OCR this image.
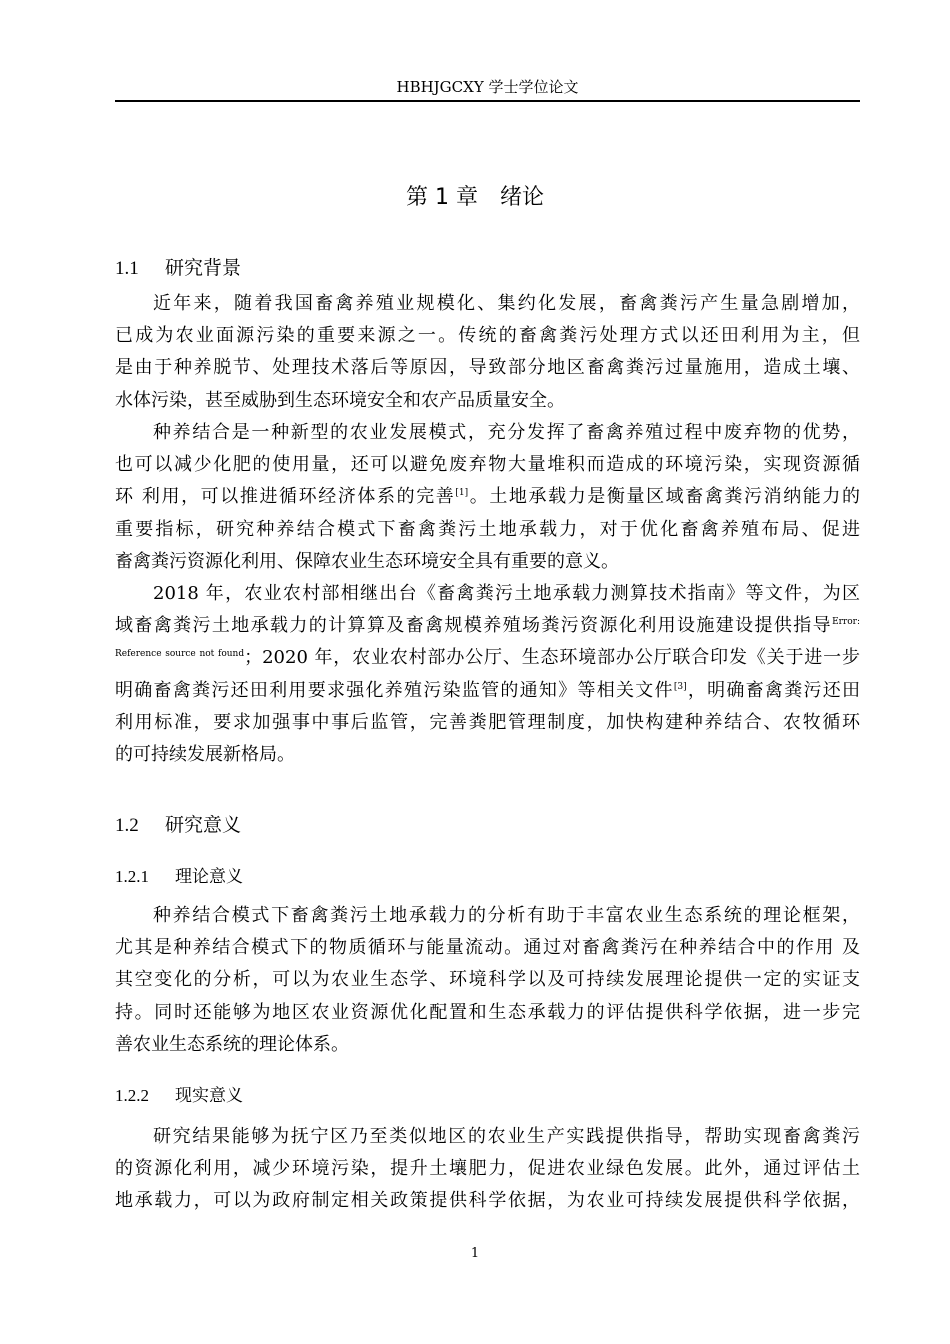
HBHJGCXY 学士学位论文
第 1 章　绪论
1.1 研究背景
近年来，随着我国畜禽养殖业规模化、集约化发展，畜禽粪污产生量急剧增加，
已成为农业面源污染的重要来源之一。传统的畜禽粪污处理方式以还田利用为主，但
是由于种养脱节、处理技术落后等原因，导致部分地区畜禽粪污过量施用，造成土壤、
水体污染，甚至威胁到生态环境安全和农产品质量安全。
种养结合是一种新型的农业发展模式，充分发挥了畜禽养殖过程中废弃物的优势，
也可以减少化肥的使用量，还可以避免废弃物大量堆积而造成的环境污染，实现资源循
环 利用，可以推进循环经济体系的完善[1]。土地承载力是衡量区域畜禽粪污消纳能力的
重要指标，研究种养结合模式下畜禽粪污土地承载力，对于优化畜禽养殖布局、促进
畜禽粪污资源化利用、保障农业生态环境安全具有重要的意义。
2018 年，农业农村部相继出台《畜禽粪污土地承载力测算技术指南》等文件，为区
域畜禽粪污土地承载力的计算算及畜禽规模养殖场粪污资源化利用设施建设提供指导$^{Error:}$
$^{Reference source not found}$；2020 年，农业农村部办公厅、生态环境部办公厅联合印发《关于进一步
明确畜禽粪污还田利用要求强化养殖污染监管的通知》等相关文件[3]，明确畜禽粪污还田
利用标准，要求加强事中事后监管，完善粪肥管理制度，加快构建种养结合、农牧循环
的可持续发展新格局。
1.2 研究意义
1.2.1 理论意义
种养结合模式下畜禽粪污土地承载力的分析有助于丰富农业生态系统的理论框架，
尤其是种养结合模式下的物质循环与能量流动。通过对畜禽粪污在种养结合中的作用 及
其空变化的分析，可以为农业生态学、环境科学以及可持续发展理论提供一定的实证支
持。同时还能够为地区农业资源优化配置和生态承载力的评估提供科学依据，进一步完
善农业生态系统的理论体系。
1.2.2 现实意义
研究结果能够为抚宁区乃至类似地区的农业生产实践提供指导，帮助实现畜禽粪污
的资源化利用，减少环境污染，提升土壤肥力，促进农业绿色发展。此外，通过评估土
地承载力，可以为政府制定相关政策提供科学依据，为农业可持续发展提供科学依据，
1
